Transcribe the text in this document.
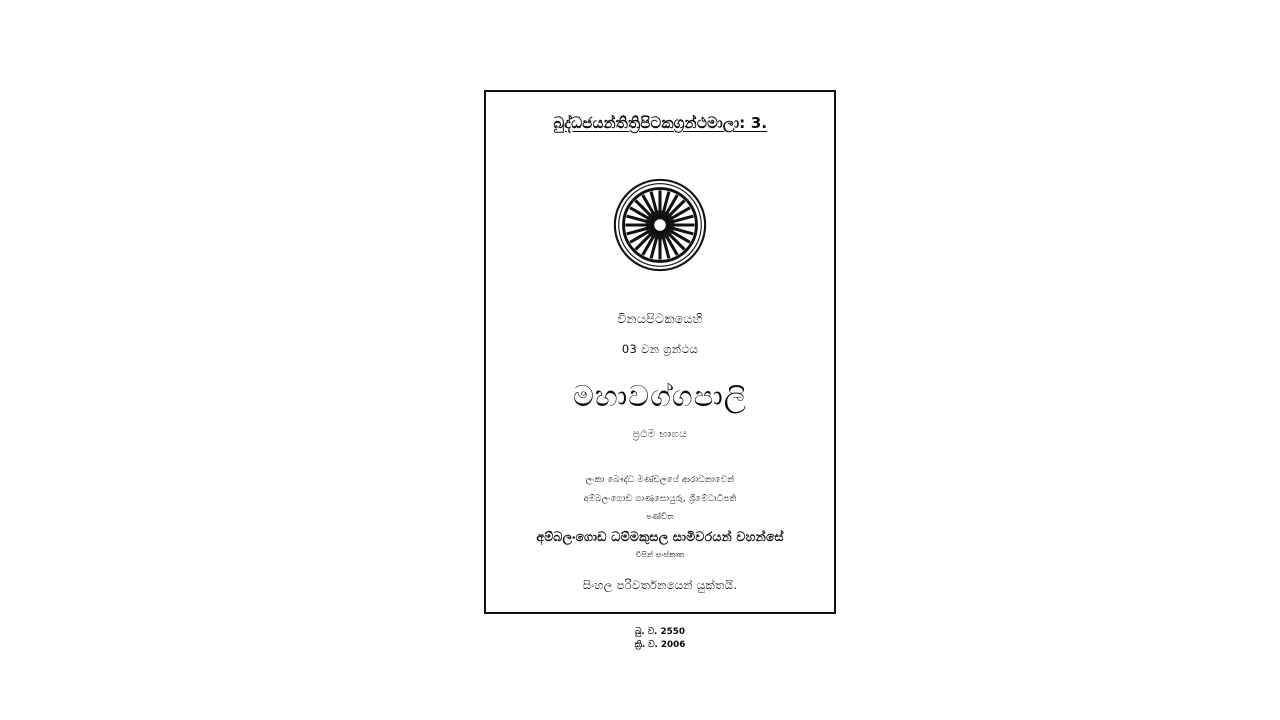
බුද්ධජයන්තිත්‍රිපිටකග්‍රන්ථමාලා: 3.
විනයපිටකයෙහි
03 වන ග්‍රන්ථය
මහාවග්ගපාලි
ප්‍රථම භාගය
ලංකා බෞද්ධ මණ්ඩලයේ ආරාධනාවෙන්
අම්බලංගොඩ ගාණසොයුරු, ශ්‍රීමේධාධිපති
පණ්ඩිත
අම්බලංගොඩ ධම්මකුසල සාමිවරයන් වහන්සේ
විසින් සංස්කෘත
සිංහල පරිවර්තනයෙන් යුක්තයි.
බු. ව. 2550
ක්‍රි. ව. 2006
